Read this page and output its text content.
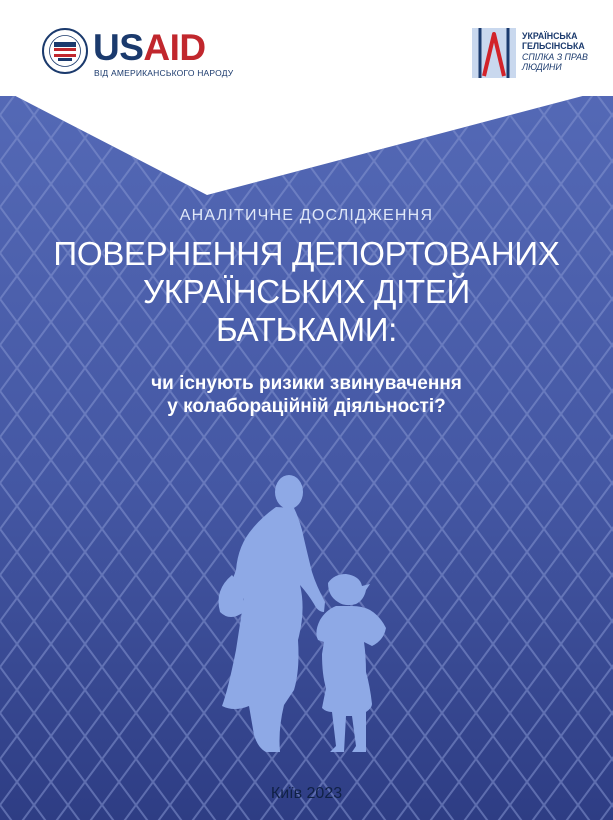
USAID
ВІД АМЕРИКАНСЬКОГО НАРОДУ
УКРАЇНСЬКА
ГЕЛЬСІНСЬКА
СПІЛКА З ПРАВ
ЛЮДИНИ
АНАЛІТИЧНЕ ДОСЛІДЖЕННЯ
ПОВЕРНЕННЯ ДЕПОРТОВАНИХ
УКРАЇНСЬКИХ ДІТЕЙ
БАТЬКАМИ:
чи існують ризики звинувачення
у колабораційній діяльності?
Київ 2023
